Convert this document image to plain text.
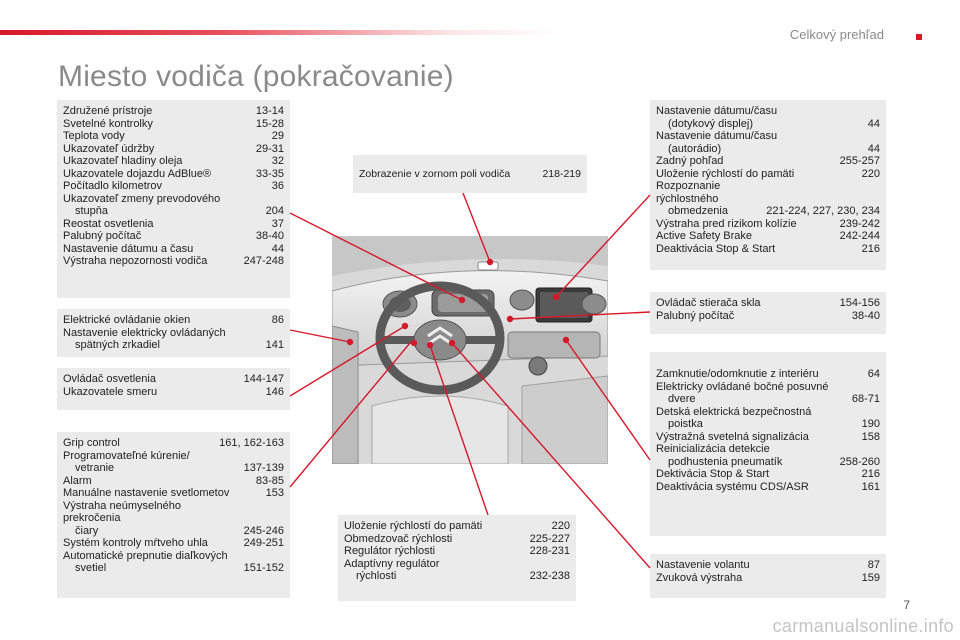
Celkový prehľad
Miesto vodiča (pokračovanie)
Združené prístroje	13-14
Svetelné kontrolky	15-28
Teplota vody	29
Ukazovateľ údržby	29-31
Ukazovateľ hladiny oleja	32
Ukazovatele dojazdu AdBlue®	33-35
Počítadlo kilometrov	36
Ukazovateľ zmeny prevodového
stupňa	204
Reostat osvetlenia	37
Palubný počítač	38-40
Nastavenie dátumu a času	44
Výstraha nepozornosti vodiča	247-248
Elektrické ovládanie okien	86
Nastavenie elektricky ovládaných
spätných zrkadiel	141
Ovládač osvetlenia	144-147
Ukazovatele smeru	146
Grip control	161, 162-163
Programovateľné kúrenie/
vetranie	137-139
Alarm	83-85
Manuálne nastavenie svetlometov	153
Výstraha neúmyselného prekročenia
čiary	245-246
Systém kontroly mŕtveho uhla	249-251
Automatické prepnutie diaľkových
svetiel	151-152
Zobrazenie v zornom poli vodiča	218-219
Uloženie rýchlostí do pamäti	220
Obmedzovač rýchlosti	225-227
Regulátor rýchlosti	228-231
Adaptívny regulátor
rýchlosti	232-238
Nastavenie dátumu/času
(dotykový displej)	44
Nastavenie dátumu/času
(autorádio)	44
Zadný pohľad	255-257
Uloženie rýchlostí do pamäti	220
Rozpoznanie rýchlostného
obmedzenia	221-224, 227, 230, 234
Výstraha pred rizikom kolízie	239-242
Active Safety Brake	242-244
Deaktivácia Stop & Start	216
Ovládač stierača skla	154-156
Palubný počítač	38-40
Zamknutie/odomknutie z interiéru	64
Elektricky ovládané bočné posuvné
dvere	68-71
Detská elektrická bezpečnostná
poistka	190
Výstražná svetelná signalizácia	158
Reinicializácia detekcie
podhustenia pneumatík	258-260
Dektivácia Stop & Start	216
Deaktivácia systému CDS/ASR	161
Nastavenie volantu	87
Zvuková výstraha	159
7
carmanualsonline.info
